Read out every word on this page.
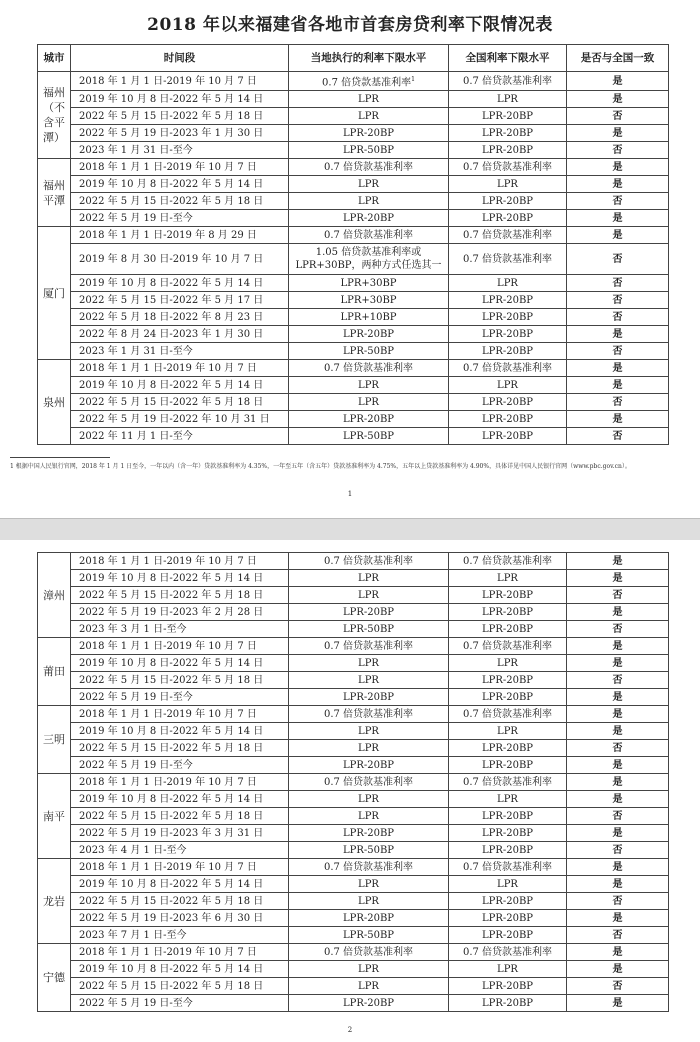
2018 年以来福建省各地市首套房贷利率下限情况表
城市	时间段	当地执行的利率下限水平	全国利率下限水平	是否与全国一致
福州（不含平潭）	2018 年 1 月 1 日-2019 年 10 月 7 日	0.7 倍贷款基准利率$^1$	0.7 倍贷款基准利率	是
	2019 年 10 月 8 日-2022 年 5 月 14 日	LPR	LPR	是
	2022 年 5 月 15 日-2022 年 5 月 18 日	LPR	LPR-20BP	否
	2022 年 5 月 19 日-2023 年 1 月 30 日	LPR-20BP	LPR-20BP	是
	2023 年 1 月 31 日-至今	LPR-50BP	LPR-20BP	否
福州平潭	2018 年 1 月 1 日-2019 年 10 月 7 日	0.7 倍贷款基准利率	0.7 倍贷款基准利率	是
	2019 年 10 月 8 日-2022 年 5 月 14 日	LPR	LPR	是
	2022 年 5 月 15 日-2022 年 5 月 18 日	LPR	LPR-20BP	否
	2022 年 5 月 19 日-至今	LPR-20BP	LPR-20BP	是
厦门	2018 年 1 月 1 日-2019 年 8 月 29 日	0.7 倍贷款基准利率	0.7 倍贷款基准利率	是
	2019 年 8 月 30 日-2019 年 10 月 7 日	1.05 倍贷款基准利率或 LPR+30BP，两种方式任选其一	0.7 倍贷款基准利率	否
	2019 年 10 月 8 日-2022 年 5 月 14 日	LPR+30BP	LPR	否
	2022 年 5 月 15 日-2022 年 5 月 17 日	LPR+30BP	LPR-20BP	否
	2022 年 5 月 18 日-2022 年 8 月 23 日	LPR+10BP	LPR-20BP	否
	2022 年 8 月 24 日-2023 年 1 月 30 日	LPR-20BP	LPR-20BP	是
	2023 年 1 月 31 日-至今	LPR-50BP	LPR-20BP	否
泉州	2018 年 1 月 1 日-2019 年 10 月 7 日	0.7 倍贷款基准利率	0.7 倍贷款基准利率	是
	2019 年 10 月 8 日-2022 年 5 月 14 日	LPR	LPR	是
	2022 年 5 月 15 日-2022 年 5 月 18 日	LPR	LPR-20BP	否
	2022 年 5 月 19 日-2022 年 10 月 31 日	LPR-20BP	LPR-20BP	是
	2022 年 11 月 1 日-至今	LPR-50BP	LPR-20BP	否

1 根据中国人民银行官网，2018 年 1 月 1 日至今，一年以内（含一年）贷款基准利率为 4.35%，一年至五年（含五年）贷款基准利率为 4.75%，五年以上贷款基准利率为 4.90%，具体详见中国人民银行官网（www.pbc.gov.cn）。

1
漳州	2018 年 1 月 1 日-2019 年 10 月 7 日	0.7 倍贷款基准利率	0.7 倍贷款基准利率	是
	2019 年 10 月 8 日-2022 年 5 月 14 日	LPR	LPR	是
	2022 年 5 月 15 日-2022 年 5 月 18 日	LPR	LPR-20BP	否
	2022 年 5 月 19 日-2023 年 2 月 28 日	LPR-20BP	LPR-20BP	是
	2023 年 3 月 1 日-至今	LPR-50BP	LPR-20BP	否
莆田	2018 年 1 月 1 日-2019 年 10 月 7 日	0.7 倍贷款基准利率	0.7 倍贷款基准利率	是
	2019 年 10 月 8 日-2022 年 5 月 14 日	LPR	LPR	是
	2022 年 5 月 15 日-2022 年 5 月 18 日	LPR	LPR-20BP	否
	2022 年 5 月 19 日-至今	LPR-20BP	LPR-20BP	是
三明	2018 年 1 月 1 日-2019 年 10 月 7 日	0.7 倍贷款基准利率	0.7 倍贷款基准利率	是
	2019 年 10 月 8 日-2022 年 5 月 14 日	LPR	LPR	是
	2022 年 5 月 15 日-2022 年 5 月 18 日	LPR	LPR-20BP	否
	2022 年 5 月 19 日-至今	LPR-20BP	LPR-20BP	是
南平	2018 年 1 月 1 日-2019 年 10 月 7 日	0.7 倍贷款基准利率	0.7 倍贷款基准利率	是
	2019 年 10 月 8 日-2022 年 5 月 14 日	LPR	LPR	是
	2022 年 5 月 15 日-2022 年 5 月 18 日	LPR	LPR-20BP	否
	2022 年 5 月 19 日-2023 年 3 月 31 日	LPR-20BP	LPR-20BP	是
	2023 年 4 月 1 日-至今	LPR-50BP	LPR-20BP	否
龙岩	2018 年 1 月 1 日-2019 年 10 月 7 日	0.7 倍贷款基准利率	0.7 倍贷款基准利率	是
	2019 年 10 月 8 日-2022 年 5 月 14 日	LPR	LPR	是
	2022 年 5 月 15 日-2022 年 5 月 18 日	LPR	LPR-20BP	否
	2022 年 5 月 19 日-2023 年 6 月 30 日	LPR-20BP	LPR-20BP	是
	2023 年 7 月 1 日-至今	LPR-50BP	LPR-20BP	否
宁德	2018 年 1 月 1 日-2019 年 10 月 7 日	0.7 倍贷款基准利率	0.7 倍贷款基准利率	是
	2019 年 10 月 8 日-2022 年 5 月 14 日	LPR	LPR	是
	2022 年 5 月 15 日-2022 年 5 月 18 日	LPR	LPR-20BP	否
	2022 年 5 月 19 日-至今	LPR-20BP	LPR-20BP	是
2
